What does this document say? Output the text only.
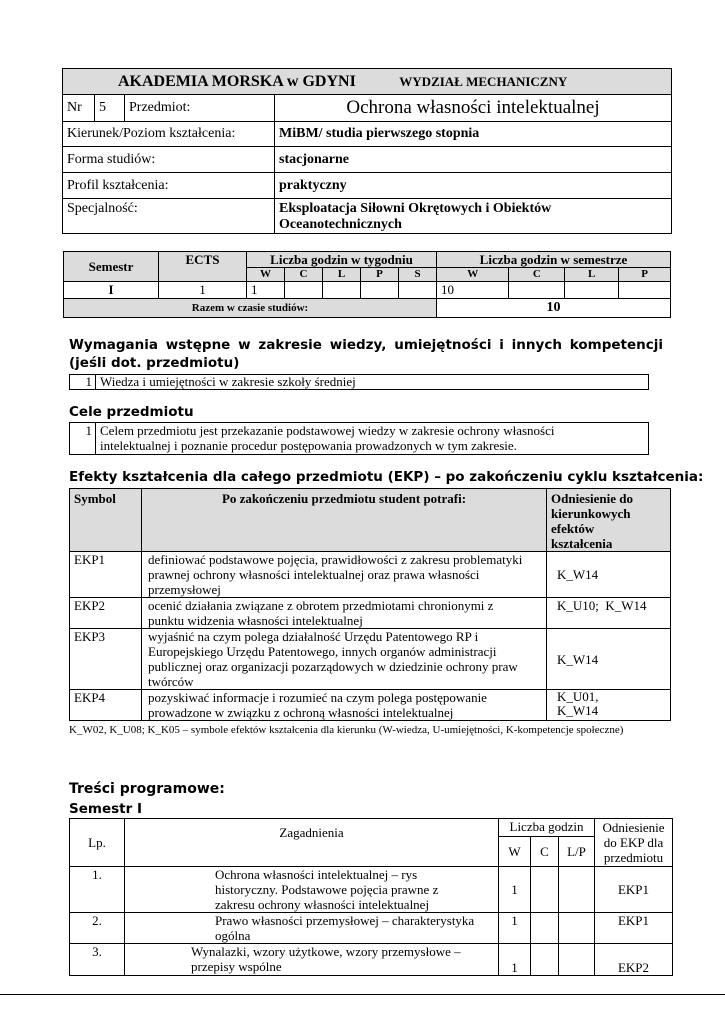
AKADEMIA MORSKA w GDYNI WYDZIAŁ MECHANICZNY			
Nr	5	Przedmiot:	Ochrona własności intelektualnej
Kierunek/Poziom kształcenia:			MiBM/ studia pierwszego stopnia
Forma studiów:			stacjonarne
Profil kształcenia:			praktyczny
Specjalność:			Eksploatacja Siłowni Okrętowych i Obiektów Oceanotechnicznych
Semestr	ECTS	Liczba godzin w tygodniu					Liczba godzin w semestrze			
		W	C	L	P	S	W	C	L	P
I	1	1					10			
Razem w czasie studiów:							10			
Wymagania wstępne w zakresie wiedzy, umiejętności i innych kompetencji (jeśli dot. przedmiotu)
1	Wiedza i umiejętności w zakresie szkoły średniej
Cele przedmiotu
1	Celem przedmiotu jest przekazanie podstawowej wiedzy w zakresie ochrony własności intelektualnej i poznanie procedur postępowania prowadzonych w tym zakresie.
Efekty kształcenia dla całego przedmiotu (EKP) – po zakończeniu cyklu kształcenia:
Symbol	Po zakończeniu przedmiotu student potrafi:	Odniesienie do kierunkowych efektów kształcenia
EKP1	definiować podstawowe pojęcia, prawidłowości z zakresu problematyki prawnej ochrony własności intelektualnej oraz prawa własności przemysłowej	K_W14
EKP2	ocenić działania związane z obrotem przedmiotami chronionymi z punktu widzenia własności intelektualnej	K_U10;  K_W14
EKP3	wyjaśnić na czym polega działalność Urzędu Patentowego RP i Europejskiego Urzędu Patentowego, innych organów administracji publicznej oraz organizacji pozarządowych w dziedzinie ochrony praw twórców	K_W14
EKP4	pozyskiwać informacje i rozumieć na czym polega postępowanie prowadzone w związku z ochroną własności intelektualnej	K_U01,
K_W14
K_W02, K_U08; K_K05 – symbole efektów kształcenia dla kierunku (W-wiedza, U-umiejętności, K-kompetencje społeczne)
Treści programowe:
Semestr I
Lp.	Zagadnienia	Liczba godzin			Odniesienie do EKP dla przedmiotu
		W	C	L/P	
1.	Ochrona własności intelektualnej – rys historyczny. Podstawowe pojęcia prawne z zakresu ochrony własności intelektualnej	1			EKP1
2.	Prawo własności przemysłowej – charakterystyka ogólna	1			EKP1
3.	Wynalazki, wzory użytkowe, wzory przemysłowe – przepisy wspólne	1			EKP2
